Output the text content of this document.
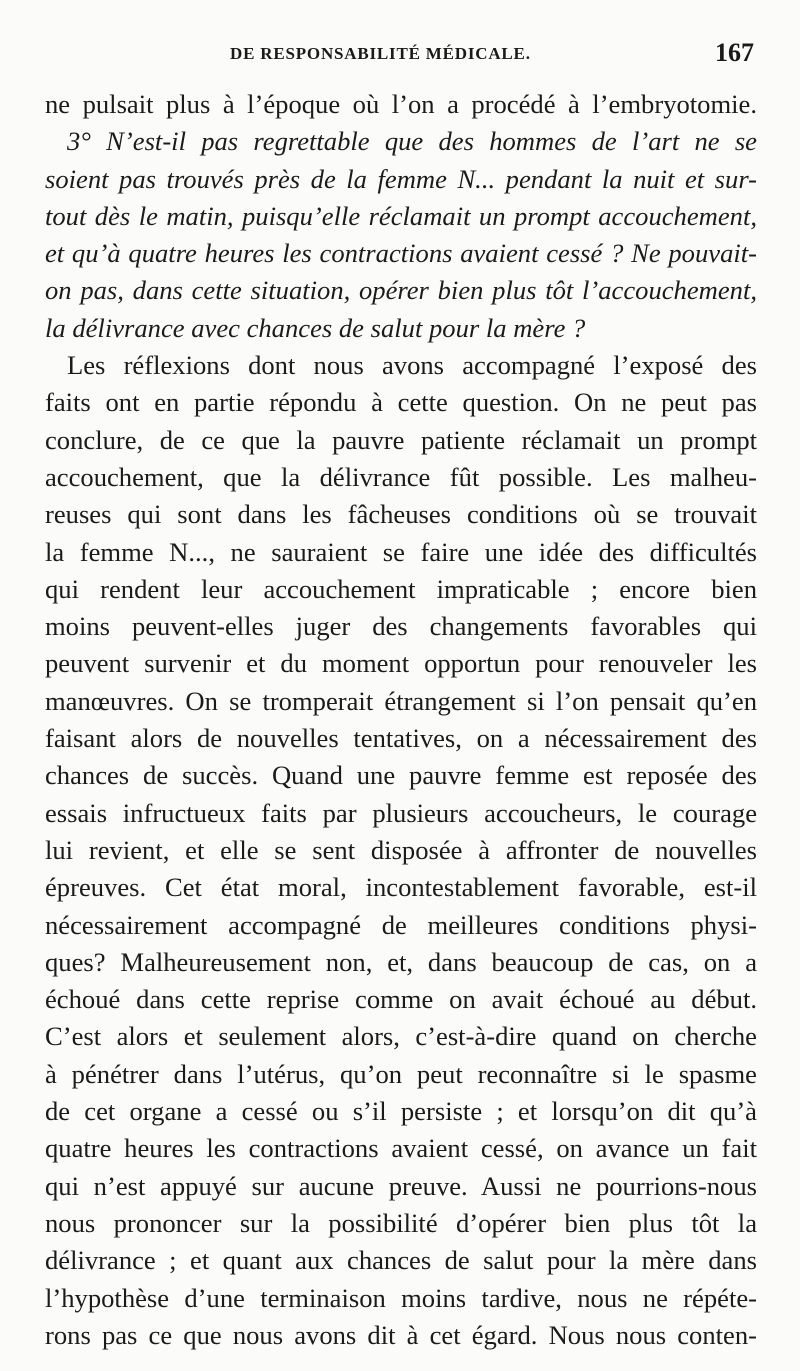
DE RESPONSABILITÉ MÉDICALE.	167
ne pulsait plus à l’époque où l’on a procédé à l’embryotomie.
3° N’est-il pas regrettable que des hommes de l’art ne se
soient pas trouvés près de la femme N... pendant la nuit et sur-
tout dès le matin, puisqu’elle réclamait un prompt accouchement,
et qu’à quatre heures les contractions avaient cessé ? Ne pouvait-
on pas, dans cette situation, opérer bien plus tôt l’accouchement,
la délivrance avec chances de salut pour la mère ?
Les réflexions dont nous avons accompagné l’exposé des
faits ont en partie répondu à cette question. On ne peut pas
conclure, de ce que la pauvre patiente réclamait un prompt
accouchement, que la délivrance fût possible. Les malheu-
reuses qui sont dans les fâcheuses conditions où se trouvait
la femme N..., ne sauraient se faire une idée des difficultés
qui rendent leur accouchement impraticable ; encore bien
moins peuvent-elles juger des changements favorables qui
peuvent survenir et du moment opportun pour renouveler les
manœuvres. On se tromperait étrangement si l’on pensait qu’en
faisant alors de nouvelles tentatives, on a nécessairement des
chances de succès. Quand une pauvre femme est reposée des
essais infructueux faits par plusieurs accoucheurs, le courage
lui revient, et elle se sent disposée à affronter de nouvelles
épreuves. Cet état moral, incontestablement favorable, est-il
nécessairement accompagné de meilleures conditions physi-
ques? Malheureusement non, et, dans beaucoup de cas, on a
échoué dans cette reprise comme on avait échoué au début.
C’est alors et seulement alors, c’est-à-dire quand on cherche
à pénétrer dans l’utérus, qu’on peut reconnaître si le spasme
de cet organe a cessé ou s’il persiste ; et lorsqu’on dit qu’à
quatre heures les contractions avaient cessé, on avance un fait
qui n’est appuyé sur aucune preuve. Aussi ne pourrions-nous
nous prononcer sur la possibilité d’opérer bien plus tôt la
délivrance ; et quant aux chances de salut pour la mère dans
l’hypothèse d’une terminaison moins tardive, nous ne répéte-
rons pas ce que nous avons dit à cet égard. Nous nous conten-
